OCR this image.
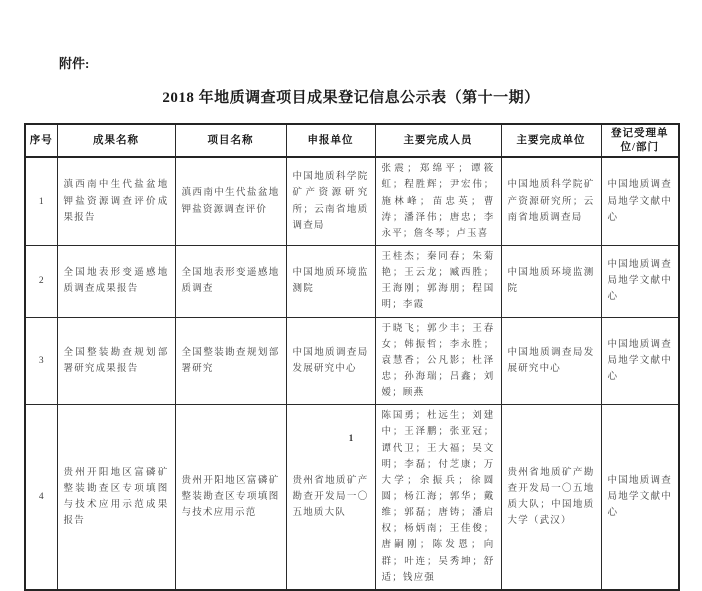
附件:
2018 年地质调查项目成果登记信息公示表（第十一期）
序号	成果名称	项目名称	申报单位	主要完成人员	主要完成单位	登记受理单位/部门
1	滇西南中生代盐盆地钾盐资源调查评价成果报告	滇西南中生代盐盆地钾盐资源调查评价	中国地质科学院矿产资源研究所；云南省地质调查局	张震；郑绵平；谭筱虹；程胜辉；尹宏伟；施林峰；苗忠英；曹涛；潘泽伟；唐忠；李永平；詹冬琴；卢玉喜	中国地质科学院矿产资源研究所；云南省地质调查局	中国地质调查局地学文献中心
2	全国地表形变遥感地质调查成果报告	全国地表形变遥感地质调查	中国地质环境监测院	王桂杰；秦同春；朱菊艳；王云龙；臧西胜；王海刚；郭海朋；程国明；李霞	中国地质环境监测院	中国地质调查局地学文献中心
3	全国整装勘查规划部署研究成果报告	全国整装勘查规划部署研究	中国地质调查局发展研究中心	于晓飞；郭少丰；王春女；韩振哲；李永胜；袁慧香；公凡影；杜泽忠；孙海瑞；吕鑫；刘嫒；顾燕	中国地质调查局发展研究中心	中国地质调查局地学文献中心
4	贵州开阳地区富磷矿整装勘查区专项填图与技术应用示范成果报告	贵州开阳地区富磷矿整装勘查区专项填图与技术应用示范	贵州省地质矿产勘查开发局一〇五地质大队	陈国勇；杜远生；刘建中；王泽鹏；张亚冠；谭代卫；王大福；吴文明；李磊；付芝康；万大学；余振兵；徐圆圆；杨江海；郭华；戴维；郭磊；唐铸；潘启权；杨炳南；王佳俊；唐嗣刚；陈发恩；向群；叶连；吴秀坤；舒适；钱应强	贵州省地质矿产勘查开发局一〇五地质大队；中国地质大学（武汉）	中国地质调查局地学文献中心
1
